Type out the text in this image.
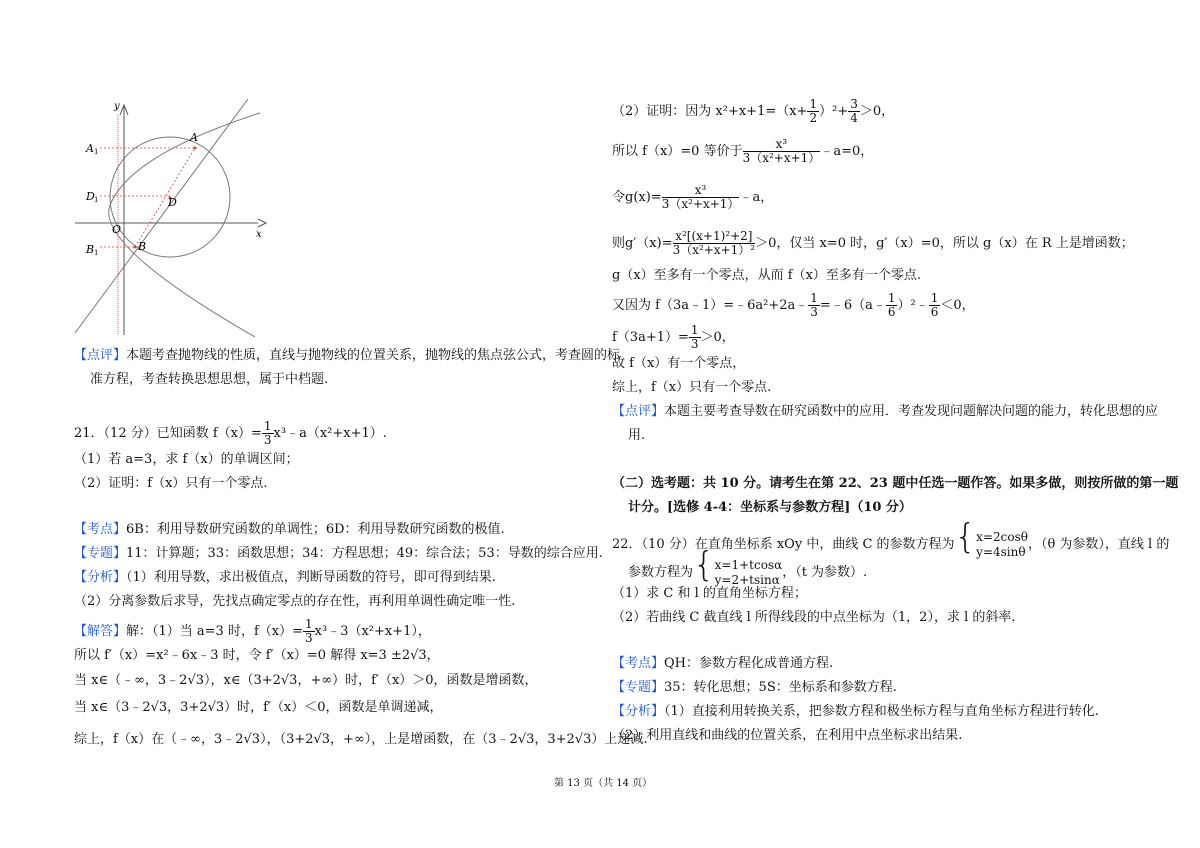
y
x
O
A
B
D
A 1
D 1
B 1
【点评】本题考查抛物线的性质，直线与抛物线的位置关系，抛物线的焦点弦公式，考查圆的标
准方程，考查转换思想思想，属于中档题.
21．（12 分）已知函数 $f(x)= \frac{1}{3}$ x³﹣a（x²+x+1）.
（1）若 a=3，求 f（x）的单调区间；
（2）证明：f（x）只有一个零点.
【考点】6B：利用导数研究函数的单调性；6D：利用导数研究函数的极值.
【专题】11：计算题；33：函数思想；34：方程思想；49：综合法；53：导数的综合应用.
【分析】（1）利用导数，求出极值点，判断导函数的符号，即可得到结果.
（2）分离参数后求导，先找点确定零点的存在性，再利用单调性确定唯一性.
【解答】解：（1）当 a=3 时，$f(x)= \frac{1}{3}$ x³﹣3（x²+x+1），
所以 f′（x）=x²﹣6x﹣3 时，令 f′（x）=0 解得 x=3 ±2√3，
当 x∈（﹣∞，3﹣2√3），x∈（3+2√3，+∞）时，f′（x）＞0，函数是增函数，
当 x∈（3﹣2√3，3+2√3）时，f′（x）＜0，函数是单调递减，
综上，f（x）在（﹣∞，3﹣2√3），（3+2√3，+∞），上是增函数，在（3﹣2√3，3+2√3）上递减.
（2）证明：因为 $x^2+x+1=(x+ \frac{1}{2} )^2+ \frac{3}{4} >0$，
所以 f（x）=0 等价于 $\frac{\text{x³}}{\text{3（x²+x+1）}}$ ﹣a=0，
令$g(x)= \frac{\text{x³}}{\text{3（x²+x+1）}}$ ﹣a，
则$g'(x)= \frac{\text{x²[(x+1)²+2]}}{\text{3（x²+x+1）²}} >0$，仅当 x=0 时，g′（x）=0，所以 g（x）在 R 上是增函数；
g（x）至多有一个零点，从而 f（x）至多有一个零点.
又因为 f（3a﹣1）=﹣6a²+2a﹣ $\frac{1}{3}$ =﹣6（a﹣ $\frac{1}{6}$ ）²﹣ $\frac{1}{6} <0$，
$f(3a+1)= \frac{1}{3} >0$，
故 f（x）有一个零点，
综上，f（x）只有一个零点.
【点评】本题主要考查导数在研究函数中的应用．考查发现问题解决问题的能力，转化思想的应
用.
（二）选考题：共 10 分。请考生在第 22、23 题中任选一题作答。如果多做，则按所做的第一题
计分。[选修 4-4：坐标系与参数方程]（10 分）
22．（10 分）在直角坐标系 xOy 中，曲线 C 的参数方程为{ x=2cosθ
y=4sinθ ，（θ 为参数），直线 l 的
参数方程为{ x=1+tcosα
y=2+tsinα ，（t 为参数）.
（1）求 C 和 l 的直角坐标方程；
（2）若曲线 C 截直线 l 所得线段的中点坐标为（1，2），求 l 的斜率.
【考点】QH：参数方程化成普通方程.
【专题】35：转化思想；5S：坐标系和参数方程.
【分析】（1）直接利用转换关系，把参数方程和极坐标方程与直角坐标方程进行转化.
（2）利用直线和曲线的位置关系，在利用中点坐标求出结果.
第 13 页（共 14 页）
